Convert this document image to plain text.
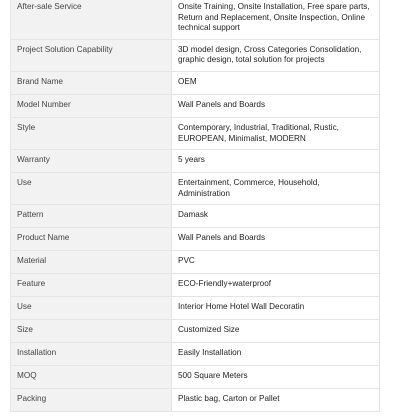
After-sale Service	Onsite Training, Onsite Installation, Free spare parts, Return and Replacement, Onsite Inspection, Online technical support
Project Solution Capability	3D model design, Cross Categories Consolidation, graphic design, total solution for projects
Brand Name	OEM
Model Number	Wall Panels and Boards
Style	Contemporary, Industrial, Traditional, Rustic, EUROPEAN, Minimalist, MODERN
Warranty	5 years
Use	Entertainment, Commerce, Household, Administration
Pattern	Damask
Product Name	Wall Panels and Boards
Material	PVC
Feature	ECO-Friendly+waterproof
Use	Interior Home Hotel Wall Decoratin
Size	Customized Size
Installation	Easily Installation
MOQ	500 Square Meters
Packing	Plastic bag, Carton or Pallet
